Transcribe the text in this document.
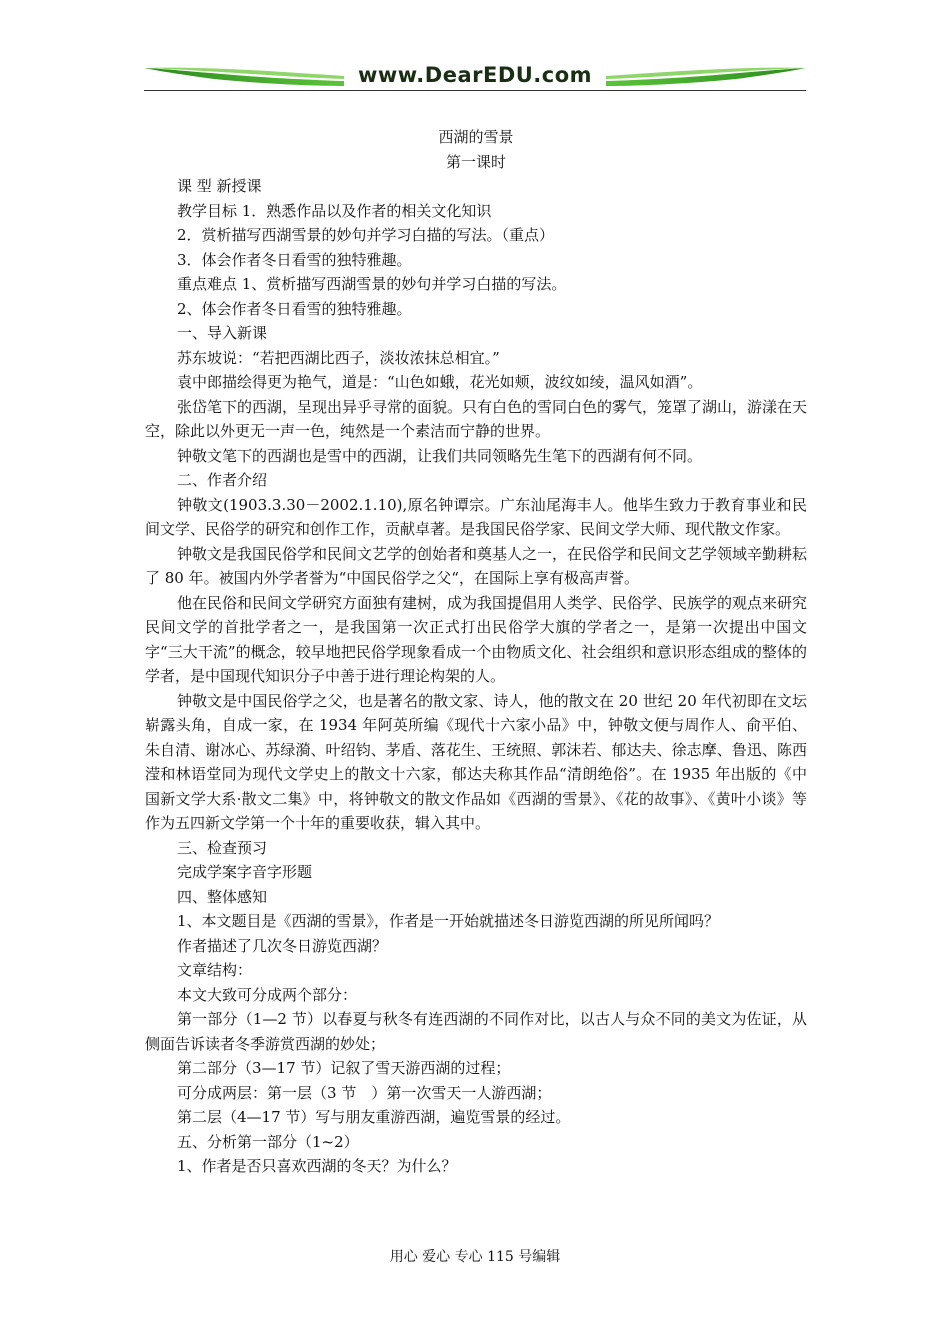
www.DearEDU.com

西湖的雪景

第一课时

课 型 新授课

教学目标 1．熟悉作品以及作者的相关文化知识

2．赏析描写西湖雪景的妙句并学习白描的写法。（重点）

3．体会作者冬日看雪的独特雅趣。

重点难点 1、赏析描写西湖雪景的妙句并学习白描的写法。

2、体会作者冬日看雪的独特雅趣。

一、导入新课

苏东坡说：“若把西湖比西子，淡妆浓抹总相宜。”

袁中郎描绘得更为艳气，道是：“山色如蛾，花光如颊，波纹如绫，温风如酒”。

张岱笔下的西湖，呈现出异乎寻常的面貌。只有白色的雪同白色的雾气，笼罩了湖山，游漾在天空，除此以外更无一声一色，纯然是一个素洁而宁静的世界。

钟敬文笔下的西湖也是雪中的西湖，让我们共同领略先生笔下的西湖有何不同。

二、作者介绍

钟敬文(1903.3.30－2002.1.10),原名钟谭宗。广东汕尾海丰人。他毕生致力于教育事业和民间文学、民俗学的研究和创作工作，贡献卓著。是我国民俗学家、民间文学大师、现代散文作家。

钟敬文是我国民俗学和民间文艺学的创始者和奠基人之一，在民俗学和民间文艺学领域辛勤耕耘了 80 年。被国内外学者誉为“中国民俗学之父“，在国际上享有极高声誉。

他在民俗和民间文学研究方面独有建树，成为我国提倡用人类学、民俗学、民族学的观点来研究民间文学的首批学者之一，是我国第一次正式打出民俗学大旗的学者之一，是第一次提出中国文字“三大干流”的概念，较早地把民俗学现象看成一个由物质文化、社会组织和意识形态组成的整体的学者，是中国现代知识分子中善于进行理论构架的人。

钟敬文是中国民俗学之父，也是著名的散文家、诗人，他的散文在 20 世纪 20 年代初即在文坛崭露头角，自成一家，在 1934 年阿英所编《现代十六家小品》中，钟敬文便与周作人、俞平伯、朱自清、谢冰心、苏绿漪、叶绍钧、茅盾、落花生、王统照、郭沫若、郁达夫、徐志摩、鲁迅、陈西滢和林语堂同为现代文学史上的散文十六家，郁达夫称其作品“清朗绝俗”。在 1935 年出版的《中国新文学大系·散文二集》中，将钟敬文的散文作品如《西湖的雪景》、《花的故事》、《黄叶小谈》等作为五四新文学第一个十年的重要收获，辑入其中。

三、检查预习

完成学案字音字形题

四、整体感知

1、本文题目是《西湖的雪景》，作者是一开始就描述冬日游览西湖的所见所闻吗？

作者描述了几次冬日游览西湖？

文章结构：

本文大致可分成两个部分：

第一部分（1—2 节）以春夏与秋冬有连西湖的不同作对比，以古人与众不同的美文为佐证，从侧面告诉读者冬季游赏西湖的妙处；

第二部分（3—17 节）记叙了雪天游西湖的过程；

可分成两层：第一层（3 节　）第一次雪天一人游西湖；

第二层（4—17 节）写与朋友重游西湖，遍览雪景的经过。

五、分析第一部分（1~2）

1、作者是否只喜欢西湖的冬天？为什么？

用心 爱心 专心 115 号编辑
